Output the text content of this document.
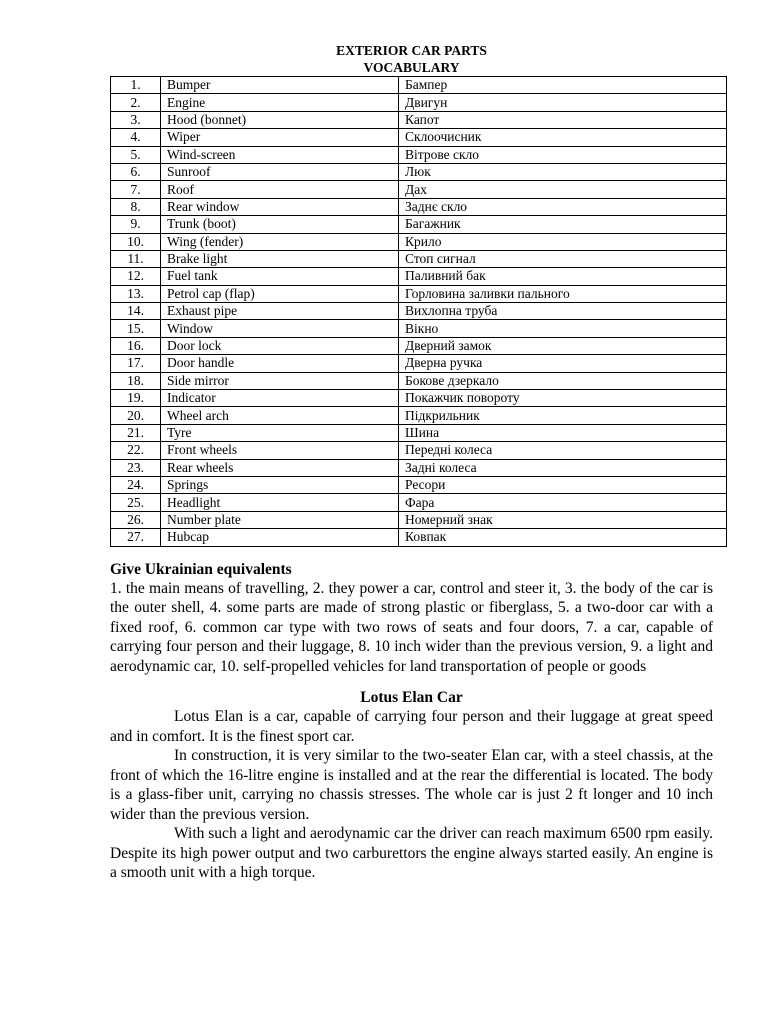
EXTERIOR CAR PARTS
VOCABULARY
1.	Bumper	Бампер
2.	Engine	Двигун
3.	Hood (bonnet)	Капот
4.	Wiper	Склоочисник
5.	Wind-screen	Вітрове скло
6.	Sunroof	Люк
7.	Roof	Дах
8.	Rear window	Заднє скло
9.	Trunk (boot)	Багажник
10.	Wing (fender)	Крило
11.	Brake light	Стоп сигнал
12.	Fuel tank	Паливний бак
13.	Petrol cap (flap)	Горловина заливки пального
14.	Exhaust pipe	Вихлопна труба
15.	Window	Вікно
16.	Door lock	Дверний замок
17.	Door handle	Дверна ручка
18.	Side mirror	Бокове дзеркало
19.	Indicator	Покажчик повороту
20.	Wheel arch	Підкрильник
21.	Tyre	Шина
22.	Front wheels	Передні колеса
23.	Rear wheels	Задні колеса
24.	Springs	Ресори
25.	Headlight	Фара
26.	Number plate	Номерний знак
27.	Hubcap	Ковпак
Give Ukrainian equivalents

1. the main means of travelling, 2. they power a car, control and steer it, 3. the body of the car is the outer shell, 4. some parts are made of strong plastic or fiberglass, 5. a two-door car with a fixed roof, 6. common car type with two rows of seats and four doors, 7. a car, capable of carrying four person and their luggage, 8. 10 inch wider than the previous version, 9. a light and aerodynamic car, 10. self-propelled vehicles for land transportation of people or goods

Lotus Elan Car

Lotus Elan is a car, capable of carrying four person and their luggage at great speed and in comfort. It is the finest sport car.

In construction, it is very similar to the two-seater Elan car, with a steel chassis, at the front of which the 16-litre engine is installed and at the rear the differential is located. The body is a glass-fiber unit, carrying no chassis stresses. The whole car is just 2 ft longer and 10 inch wider than the previous version.

With such a light and aerodynamic car the driver can reach maximum 6500 rpm easily. Despite its high power output and two carburettors the engine always started easily. An engine is a smooth unit with a high torque.
